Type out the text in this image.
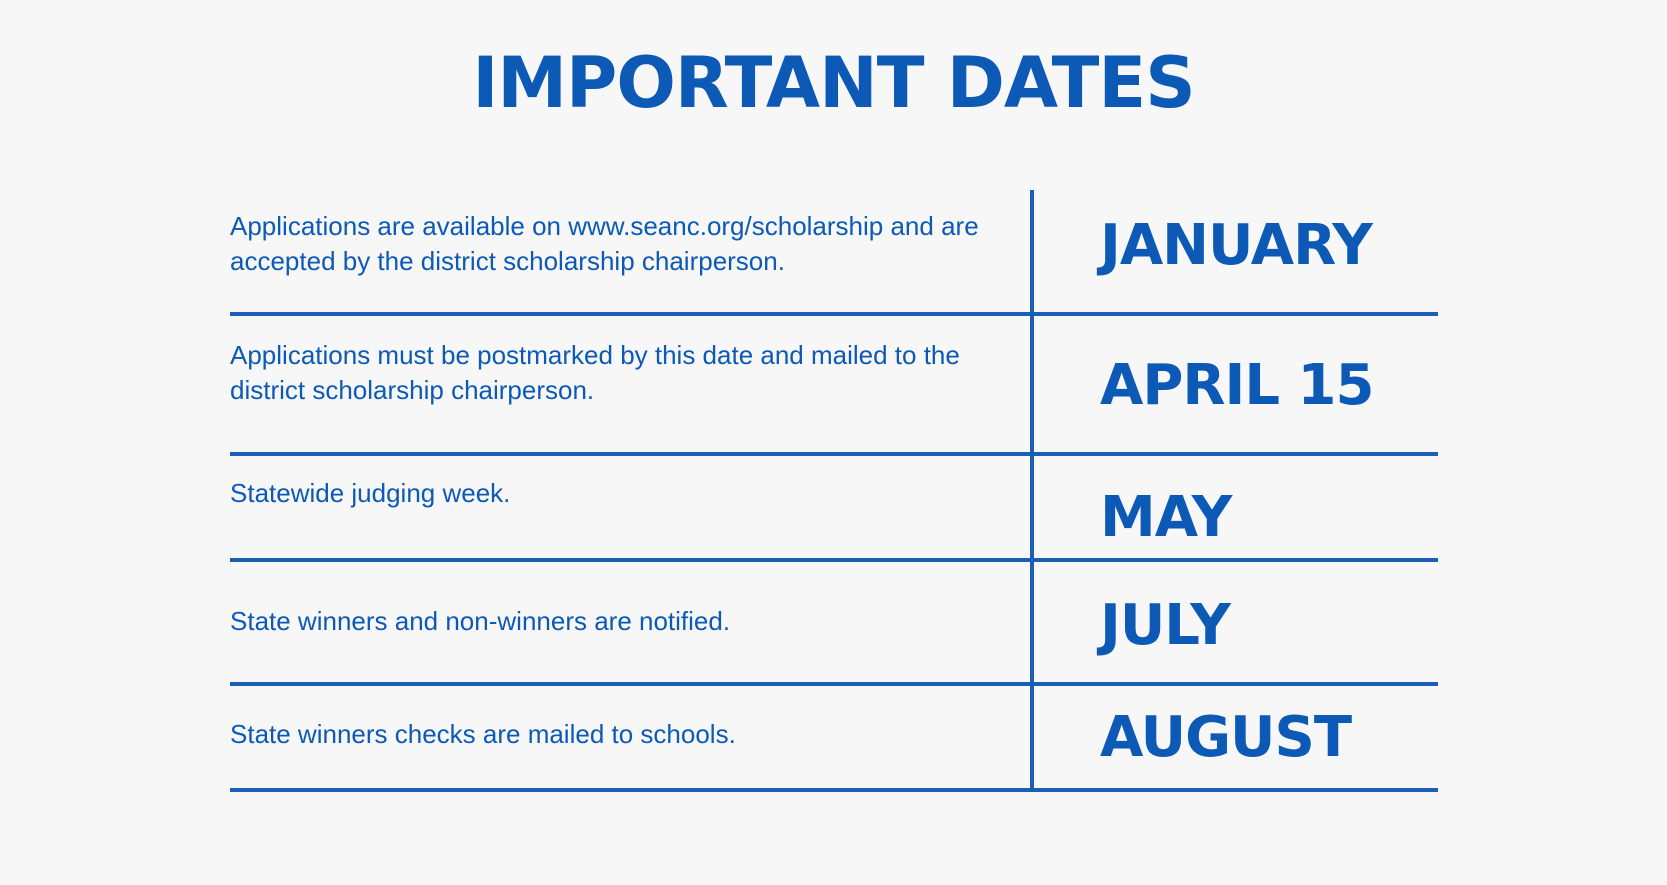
IMPORTANT DATES
Applications are available on www.seanc.org/scholarship and are accepted by the district scholarship chairperson.	JANUARY
Applications must be postmarked by this date and mailed to the district scholarship chairperson.	APRIL 15
Statewide judging week.	MAY
State winners and non-winners are notified.	JULY
State winners checks are mailed to schools.	AUGUST
